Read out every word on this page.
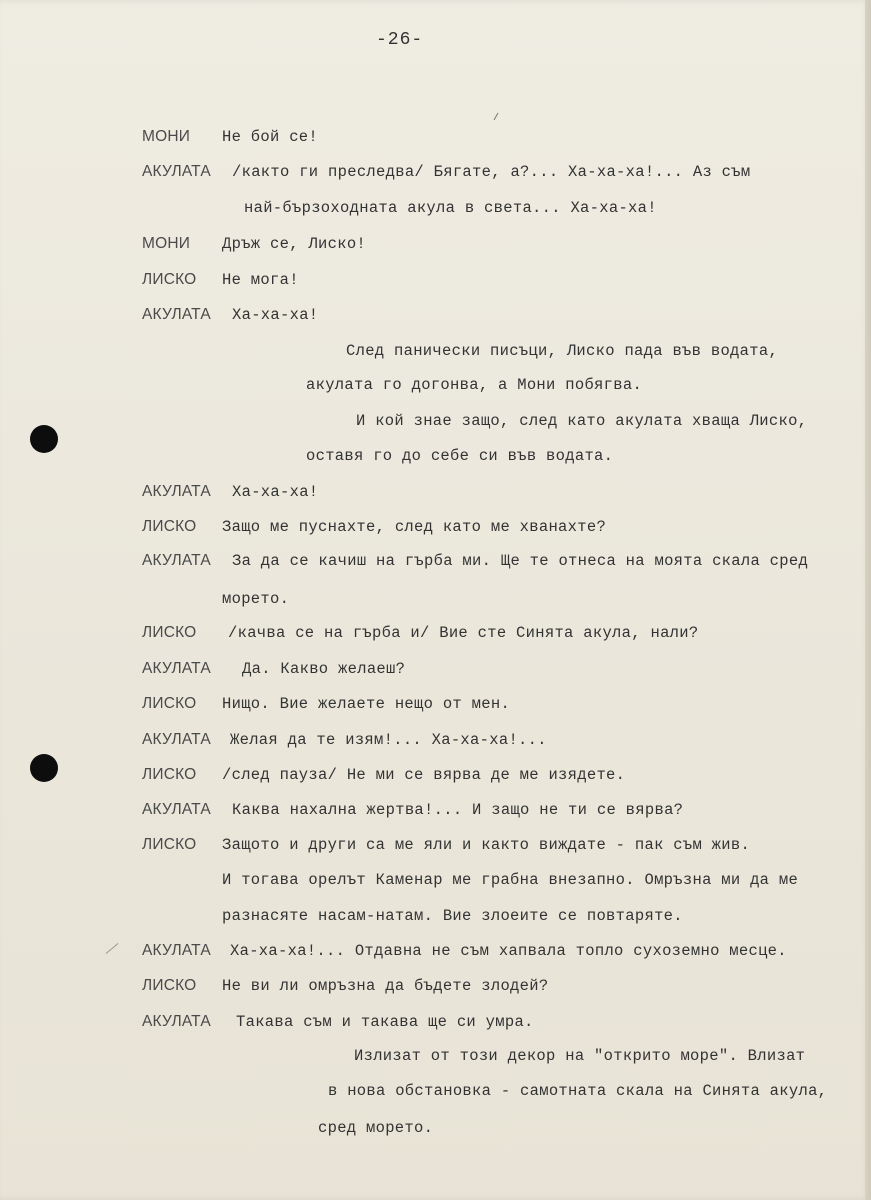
-26-
МОНИ Не бой се!
АКУЛАТА /както ги преследва/ Бягате, а?... Ха-ха-ха!... Аз съм
най-бързоходната акула в света... Ха-ха-ха!
МОНИ Дръж се, Лиско!
ЛИСКО Не мога!
АКУЛАТА Ха-ха-ха!
След панически писъци, Лиско пада във водата,
акулата го догонва, а Мони побягва.
И кой знае защо, след като акулата хваща Лиско,
оставя го до себе си във водата.
АКУЛАТА Ха-ха-ха!
ЛИСКО Защо ме пуснахте, след като ме хванахте?
АКУЛАТА За да се качиш на гърба ми. Ще те отнеса на моята скала сред
морето.
ЛИСКО /качва се на гърба и/ Вие сте Синята акула, нали?
АКУЛАТА Да. Какво желаеш?
ЛИСКО Нищо. Вие желаете нещо от мен.
АКУЛАТА Желая да те изям!... Ха-ха-ха!...
ЛИСКО /след пауза/ Не ми се вярва де ме изядете.
АКУЛАТА Каква нахална жертва!... И защо не ти се вярва?
ЛИСКО Защото и други са ме яли и както виждате - пак съм жив.
И тогава орелът Каменар ме грабна внезапно. Омръзна ми да ме
разнасяте насам-натам. Вие злоеите се повтаряте.
АКУЛАТА Ха-ха-ха!... Отдавна не съм хапвала топло сухоземно месце.
ЛИСКО Не ви ли омръзна да бъдете злодей?
АКУЛАТА Такава съм и такава ще си умра.
Излизат от този декор на "открито море". Влизат
в нова обстановка - самотната скала на Синята акула,
сред морето.
